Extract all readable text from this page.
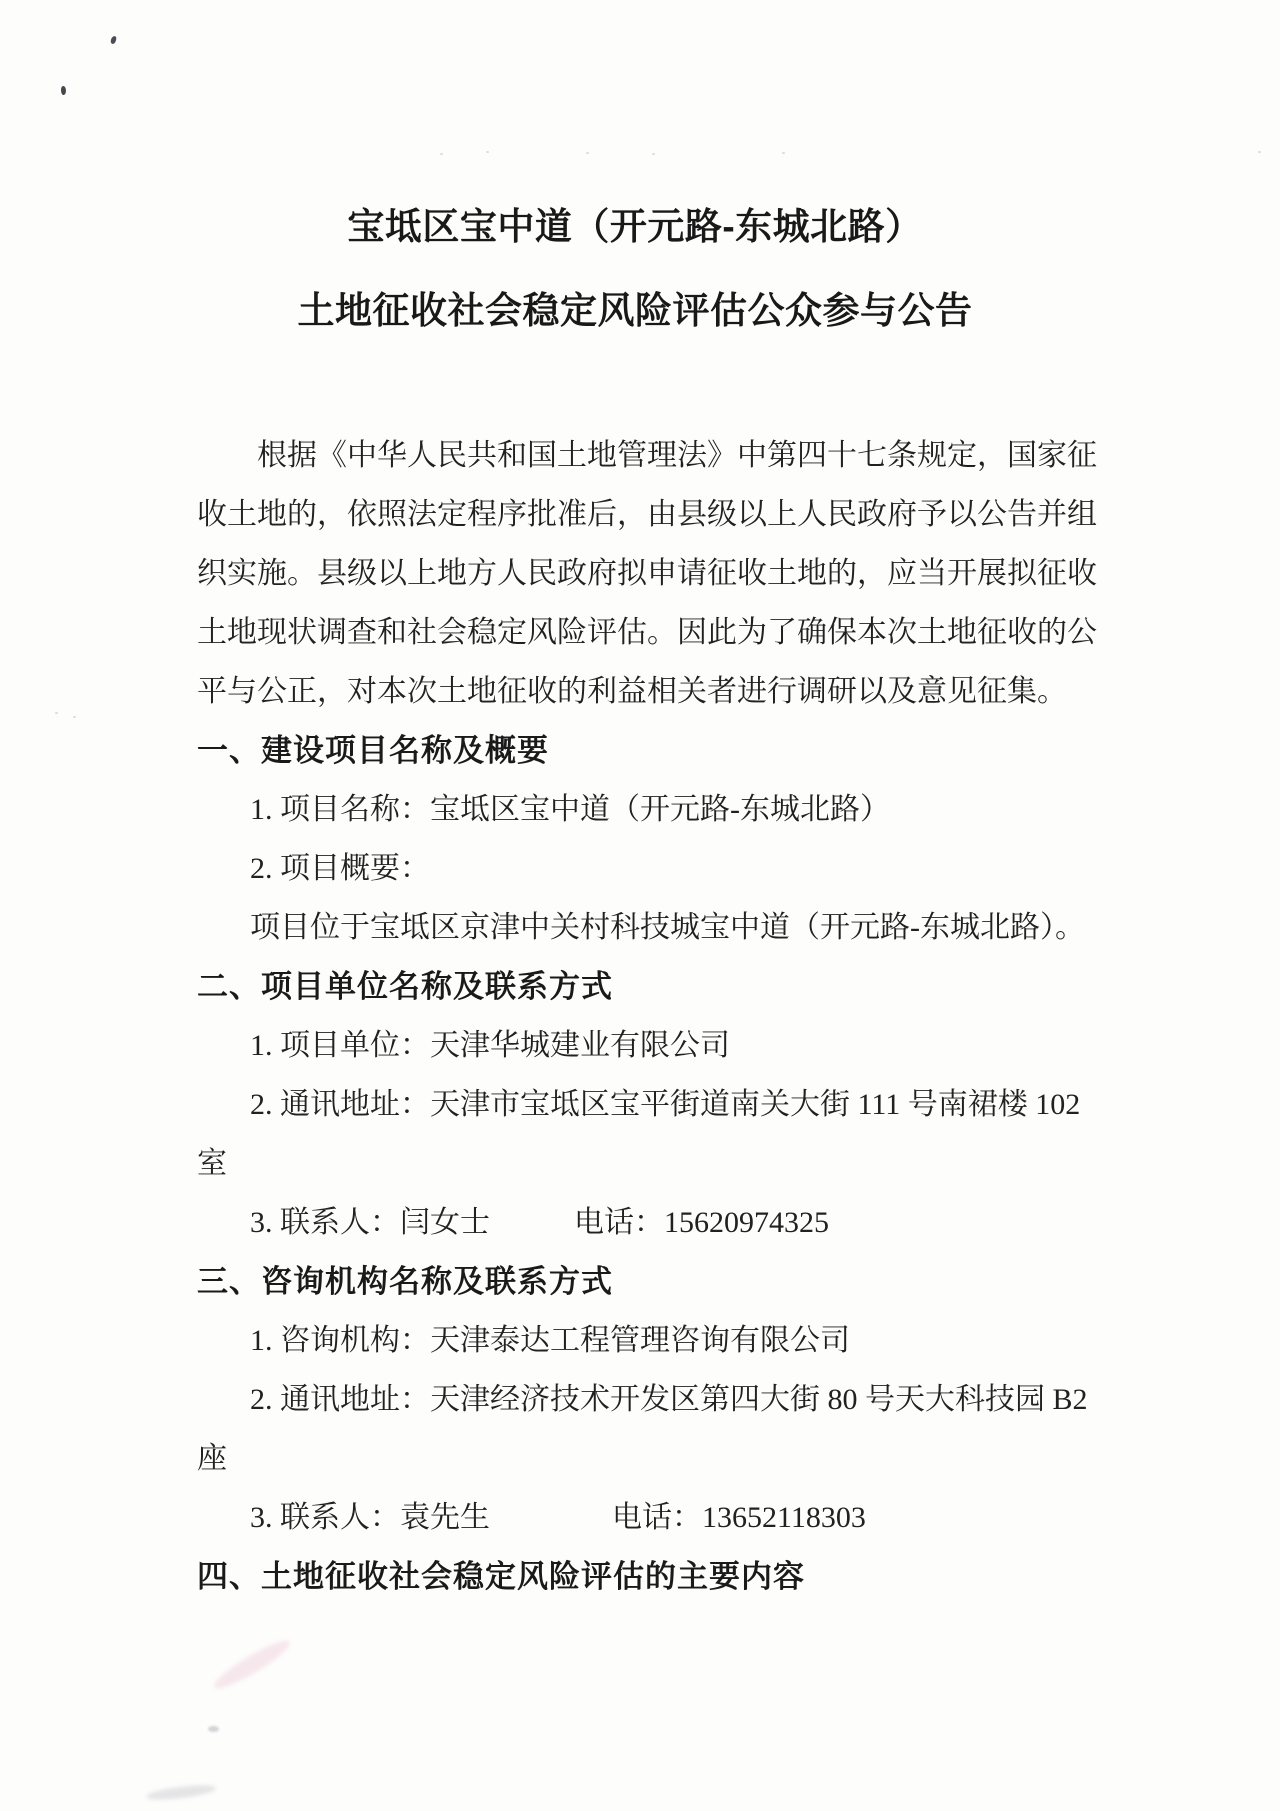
宝坻区宝中道（开元路-东城北路）
土地征收社会稳定风险评估公众参与公告

根据《中华人民共和国土地管理法》中第四十七条规定，国家征

收土地的，依照法定程序批准后，由县级以上人民政府予以公告并组

织实施。县级以上地方人民政府拟申请征收土地的，应当开展拟征收

土地现状调查和社会稳定风险评估。因此为了确保本次土地征收的公

平与公正，对本次土地征收的利益相关者进行调研以及意见征集。

一、建设项目名称及概要

1. 项目名称：宝坻区宝中道（开元路-东城北路）

2. 项目概要：

项目位于宝坻区京津中关村科技城宝中道（开元路-东城北路）。

二、项目单位名称及联系方式

1. 项目单位：天津华城建业有限公司

2. 通讯地址：天津市宝坻区宝平街道南关大街 111 号南裙楼 102

室

3. 联系人：闫女士	电话：15620974325

三、咨询机构名称及联系方式

1. 咨询机构：天津泰达工程管理咨询有限公司

2. 通讯地址：天津经济技术开发区第四大街 80 号天大科技园 B2

座

3. 联系人：袁先生	电话：13652118303

四、土地征收社会稳定风险评估的主要内容
